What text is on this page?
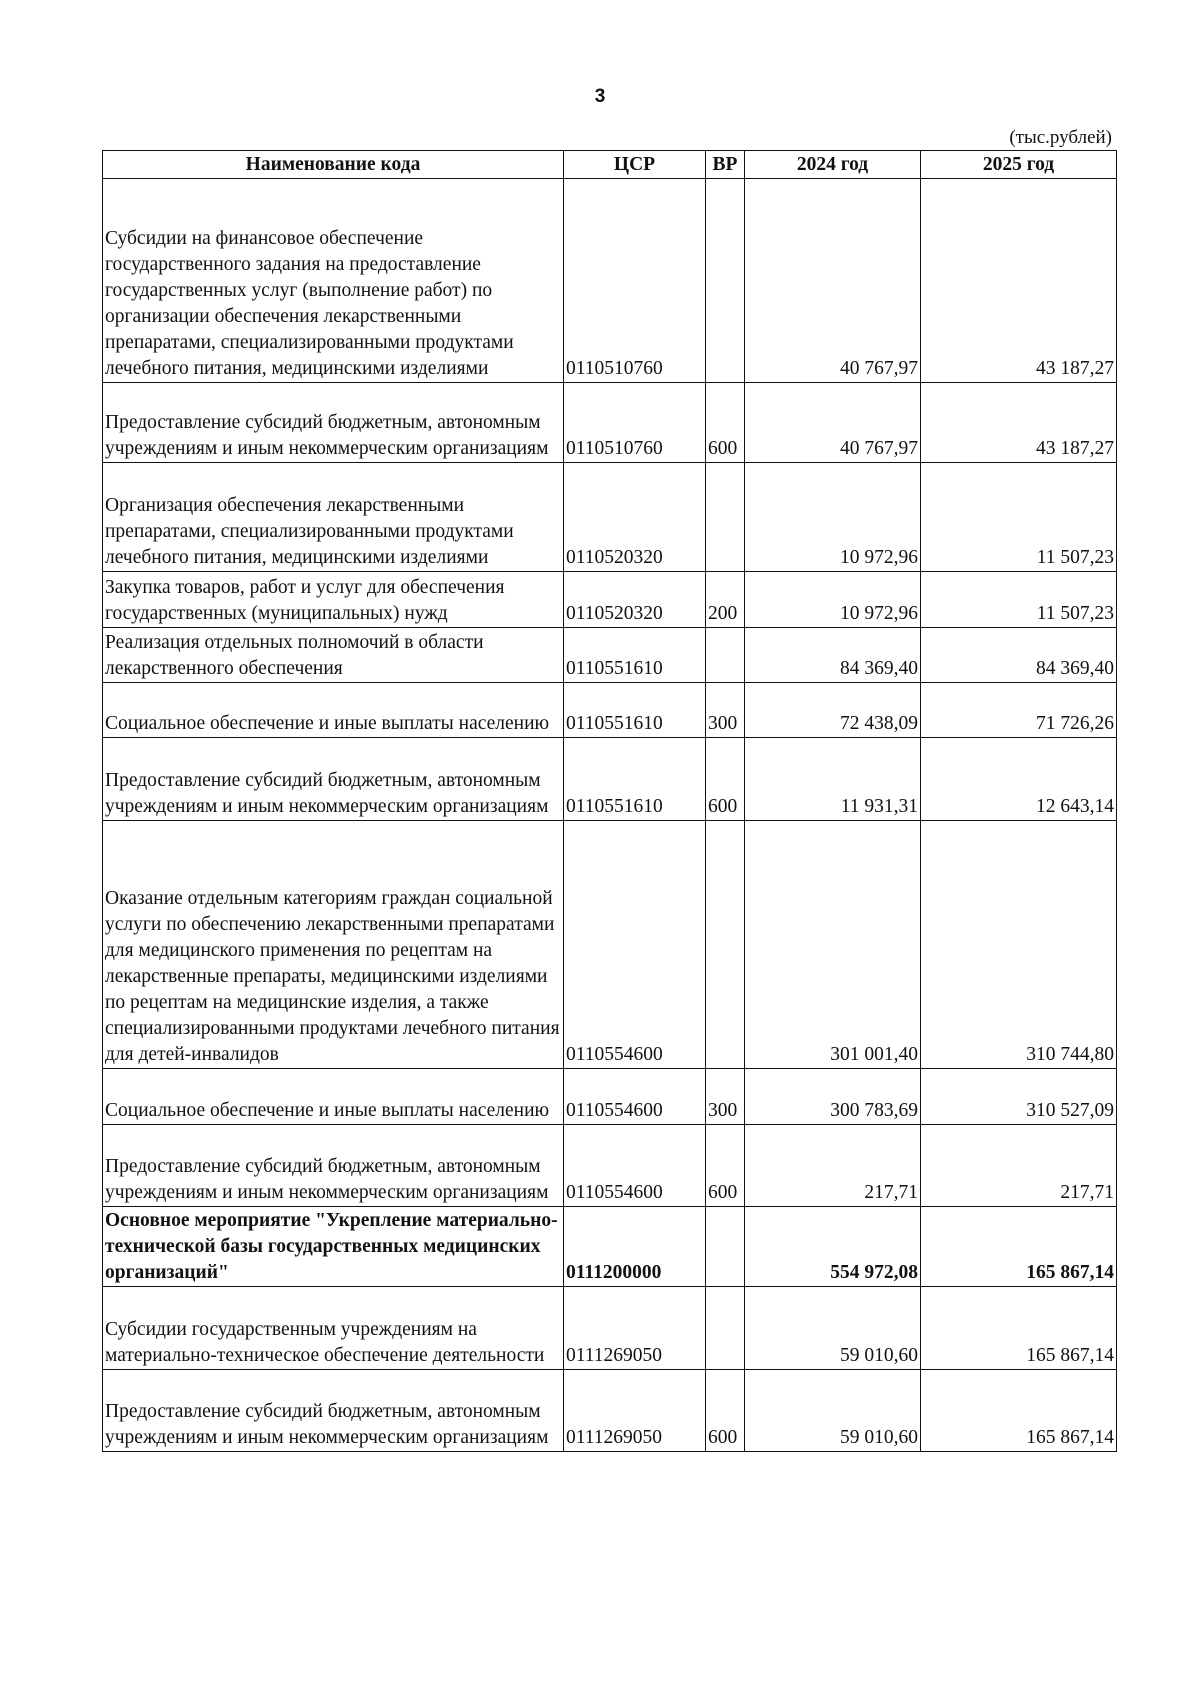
3
(тыс.рублей)
Наименование кода	ЦСР	ВР	2024 год	2025 год
Субсидии на финансовое обеспечение государственного задания на предоставление государственных услуг (выполнение работ) по организации обеспечения лекарственными препаратами, специализированными продуктами лечебного питания, медицинскими изделиями	0110510760		40 767,97	43 187,27
Предоставление субсидий бюджетным, автономным учреждениям и иным некоммерческим организациям	0110510760	600	40 767,97	43 187,27
Организация обеспечения лекарственными препаратами, специализированными продуктами лечебного питания, медицинскими изделиями	0110520320		10 972,96	11 507,23
Закупка товаров, работ и услуг для обеспечения государственных (муниципальных) нужд	0110520320	200	10 972,96	11 507,23
Реализация отдельных полномочий в области лекарственного обеспечения	0110551610		84 369,40	84 369,40
Социальное обеспечение и иные выплаты населению	0110551610	300	72 438,09	71 726,26
Предоставление субсидий бюджетным, автономным учреждениям и иным некоммерческим организациям	0110551610	600	11 931,31	12 643,14
Оказание отдельным категориям граждан социальной услуги по обеспечению лекарственными препаратами для медицинского применения по рецептам на лекарственные препараты, медицинскими изделиями по рецептам на медицинские изделия, а также специализированными продуктами лечебного питания для детей-инвалидов	0110554600		301 001,40	310 744,80
Социальное обеспечение и иные выплаты населению	0110554600	300	300 783,69	310 527,09
Предоставление субсидий бюджетным, автономным учреждениям и иным некоммерческим организациям	0110554600	600	217,71	217,71
Основное мероприятие "Укрепление материально-технической базы государственных медицинских организаций"	0111200000		554 972,08	165 867,14
Субсидии государственным учреждениям на материально-техническое обеспечение деятельности	0111269050		59 010,60	165 867,14
Предоставление субсидий бюджетным, автономным учреждениям и иным некоммерческим организациям	0111269050	600	59 010,60	165 867,14
